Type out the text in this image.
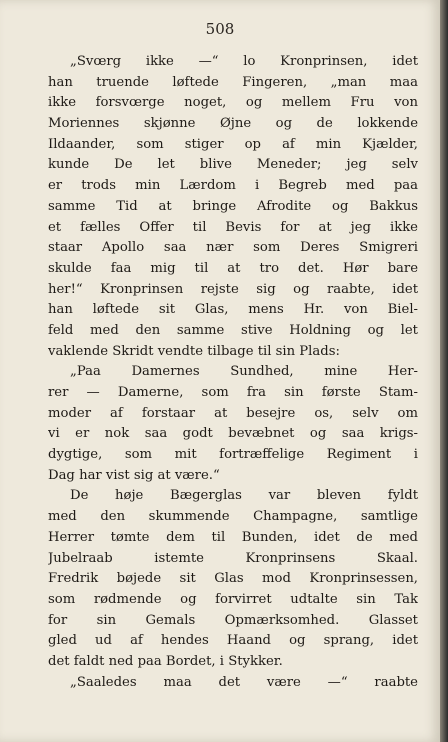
508
„Svœrg ikke —“ lo Kronprinsen, idet
han truende løftede Fingeren, „man maa
ikke forsvœrge noget, og mellem Fru von
Moriennes skjønne Øjne og de lokkende
Ildaander, som stiger op af min Kjælder,
kunde De let blive Meneder; jeg selv
er trods min Lærdom i Begreb med paa
samme Tid at bringe Afrodite og Bakkus
et fælles Offer til Bevis for at jeg ikke
staar Apollo saa nær som Deres Smigreri
skulde faa mig til at tro det. Hør bare
her!“ Kronprinsen rejste sig og raabte, idet
han løftede sit Glas, mens Hr. von Biel-
feld med den samme stive Holdning og let
vaklende Skridt vendte tilbage til sin Plads:
„Paa Damernes Sundhed, mine Her-
rer — Damerne, som fra sin første Stam-
moder af forstaar at besejre os, selv om
vi er nok saa godt bevæbnet og saa krigs-
dygtige, som mit fortræffelige Regiment i
Dag har vist sig at være.“
De høje Bægerglas var bleven fyldt
med den skummende Champagne, samtlige
Herrer tømte dem til Bunden, idet de med
Jubelraab istemte Kronprinsens Skaal.
Fredrik bøjede sit Glas mod Kronprinsessen,
som rødmende og forvirret udtalte sin Tak
for sin Gemals Opmærksomhed. Glasset
gled ud af hendes Haand og sprang, idet
det faldt ned paa Bordet, i Stykker.
„Saaledes maa det være —“ raabte
